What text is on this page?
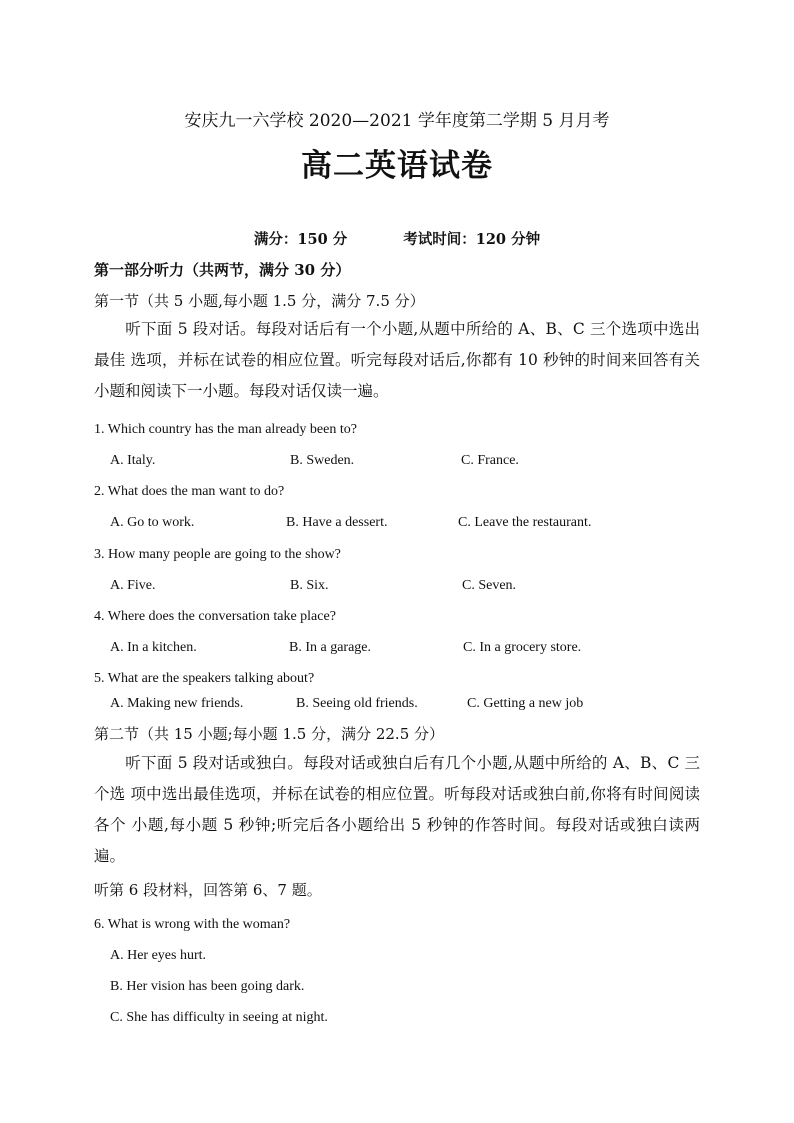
安庆九一六学校 2020—2021 学年度第二学期 5 月月考
高二英语试卷
满分：150 分	考试时间：120 分钟
第一部分听力（共两节，满分 30 分）
第一节（共 5 小题,每小题 1.5 分，满分 7.5 分）
听下面 5 段对话。每段对话后有一个小题,从题中所给的 A、B、C 三个选项中选出最佳 选项，并标在试卷的相应位置。听完每段对话后,你都有 10 秒钟的时间来回答有关小题和阅读下一小题。每段对话仅读一遍。
1. Which country has the man already been to?
A. Italy.	B. Sweden.	C. France.
2. What does the man want to do?
A. Go to work.	B. Have a dessert.	C. Leave the restaurant.
3. How many people are going to the show?
A. Five.	B. Six.	C. Seven.
4. Where does the conversation take place?
A. In a kitchen.	B. In a garage.	C. In a grocery store.
5. What are the speakers talking about?
A. Making new friends.	B. Seeing old friends.	C. Getting a new job
第二节（共 15 小题;每小题 1.5 分，满分 22.5 分）
听下面 5 段对话或独白。每段对话或独白后有几个小题,从题中所给的 A、B、C 三个选 项中选出最佳选项，并标在试卷的相应位置。听每段对话或独白前,你将有时间阅读各个 小题,每小题 5 秒钟;听完后各小题给出 5 秒钟的作答时间。每段对话或独白读两遍。
听第 6 段材料，回答第 6、7 题。
6. What is wrong with the woman?
A. Her eyes hurt.
B. Her vision has been going dark.
C. She has difficulty in seeing at night.
